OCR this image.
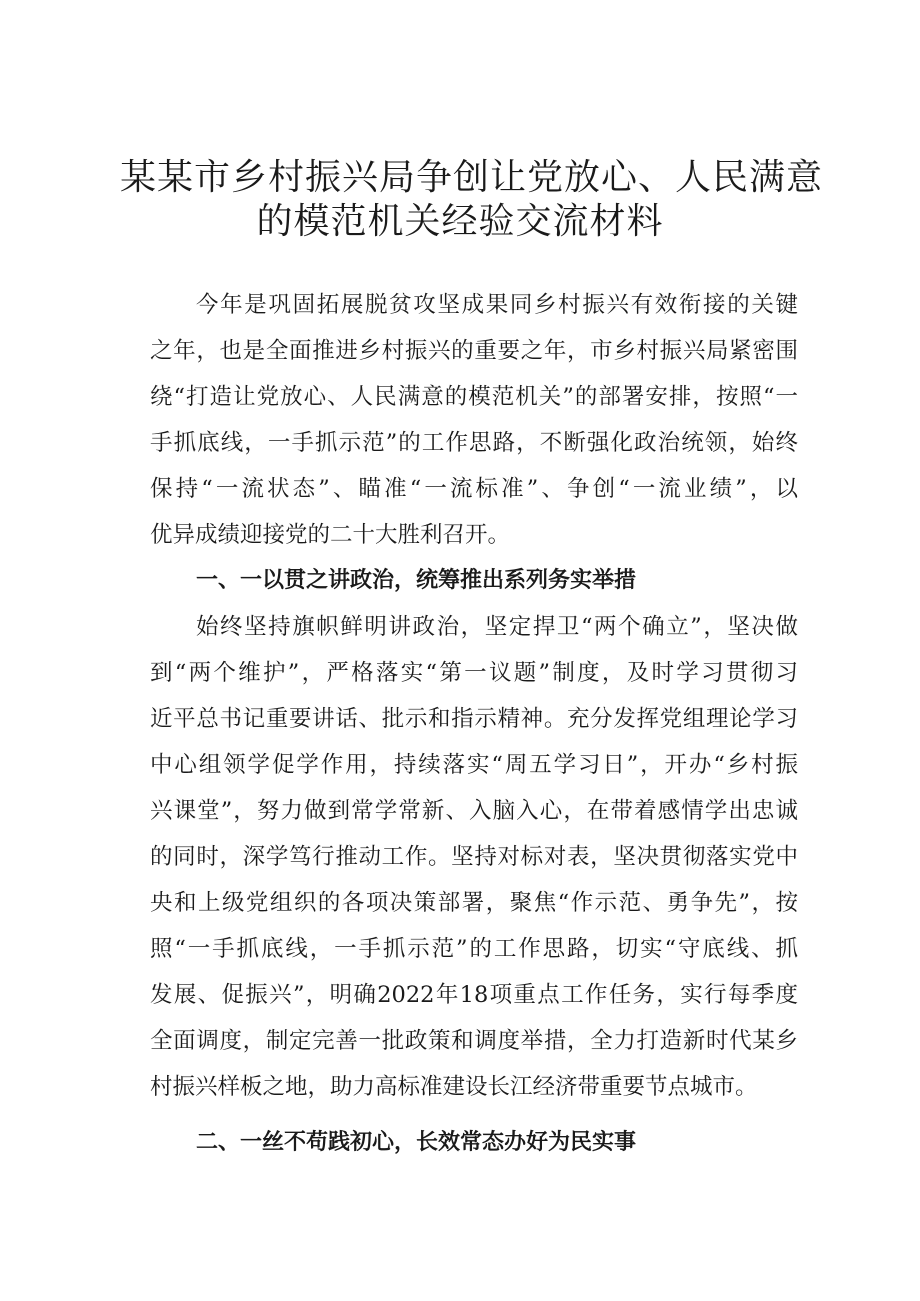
某某市乡村振兴局争创让党放心、人民满意
的模范机关经验交流材料

今年是巩固拓展脱贫攻坚成果同乡村振兴有效衔接的关键

之年，也是全面推进乡村振兴的重要之年，市乡村振兴局紧密围

绕“打造让党放心、人民满意的模范机关”的部署安排，按照“一

手抓底线，一手抓示范”的工作思路，不断强化政治统领，始终

保持“一流状态”、瞄准“一流标准”、争创“一流业绩”，以

优异成绩迎接党的二十大胜利召开。

一、一以贯之讲政治，统筹推出系列务实举措

始终坚持旗帜鲜明讲政治，坚定捍卫“两个确立”，坚决做

到“两个维护”，严格落实“第一议题”制度，及时学习贯彻习

近平总书记重要讲话、批示和指示精神。充分发挥党组理论学习

中心组领学促学作用，持续落实“周五学习日”，开办“乡村振

兴课堂”，努力做到常学常新、入脑入心，在带着感情学出忠诚

的同时，深学笃行推动工作。坚持对标对表，坚决贯彻落实党中

央和上级党组织的各项决策部署，聚焦“作示范、勇争先”，按

照“一手抓底线，一手抓示范”的工作思路，切实“守底线、抓

发展、促振兴”，明确2022年18项重点工作任务，实行每季度

全面调度，制定完善一批政策和调度举措，全力打造新时代某乡

村振兴样板之地，助力高标准建设长江经济带重要节点城市。

二、一丝不苟践初心，长效常态办好为民实事
